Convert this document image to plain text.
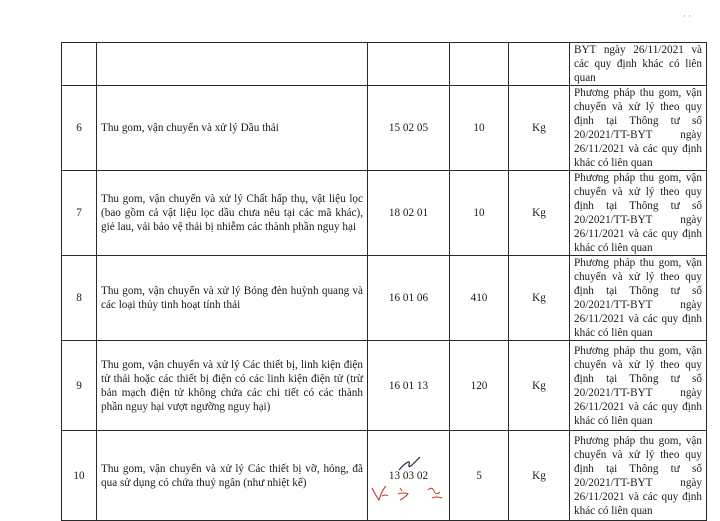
· ·
					BYT ngày 26/11/2021 và các quy định khác có liên quan
6	Thu gom, vận chuyển và xử lý Dầu thải	15 02 05	10	Kg	Phương pháp thu gom, vận chuyển và xử lý theo quy định tại Thông tư số 20/2021/TT-BYT ngày 26/11/2021 và các quy định khác có liên quan
7	Thu gom, vận chuyển và xử lý Chất hấp thụ, vật liệu lọc (bao gồm cả vật liệu lọc dầu chưa nêu tại các mã khác), giẻ lau, vải bảo vệ thải bị nhiễm các thành phần nguy hại	18 02 01	10	Kg	Phương pháp thu gom, vận chuyển và xử lý theo quy định tại Thông tư số 20/2021/TT-BYT ngày 26/11/2021 và các quy định khác có liên quan
8	Thu gom, vận chuyển và xử lý Bóng đèn huỳnh quang và các loại thủy tinh hoạt tính thải	16 01 06	410	Kg	Phương pháp thu gom, vận chuyển và xử lý theo quy định tại Thông tư số 20/2021/TT-BYT ngày 26/11/2021 và các quy định khác có liên quan
9	Thu gom, vận chuyển và xử lý Các thiết bị, linh kiện điện tử thải hoặc các thiết bị điện có các linh kiện điện tử (trừ bản mạch điện tử không chứa các chi tiết có các thành phần nguy hại vượt ngưỡng nguy hại)	16 01 13	120	Kg	Phương pháp thu gom, vận chuyển và xử lý theo quy định tại Thông tư số 20/2021/TT-BYT ngày 26/11/2021 và các quy định khác có liên quan
10	Thu gom, vận chuyển và xử lý Các thiết bị vỡ, hỏng, đã qua sử dụng có chứa thuỷ ngân (như nhiệt kế)	13 03 02	5	Kg	Phương pháp thu gom, vận chuyển và xử lý theo quy định tại Thông tư số 20/2021/TT-BYT ngày 26/11/2021 và các quy định khác có liên quan
